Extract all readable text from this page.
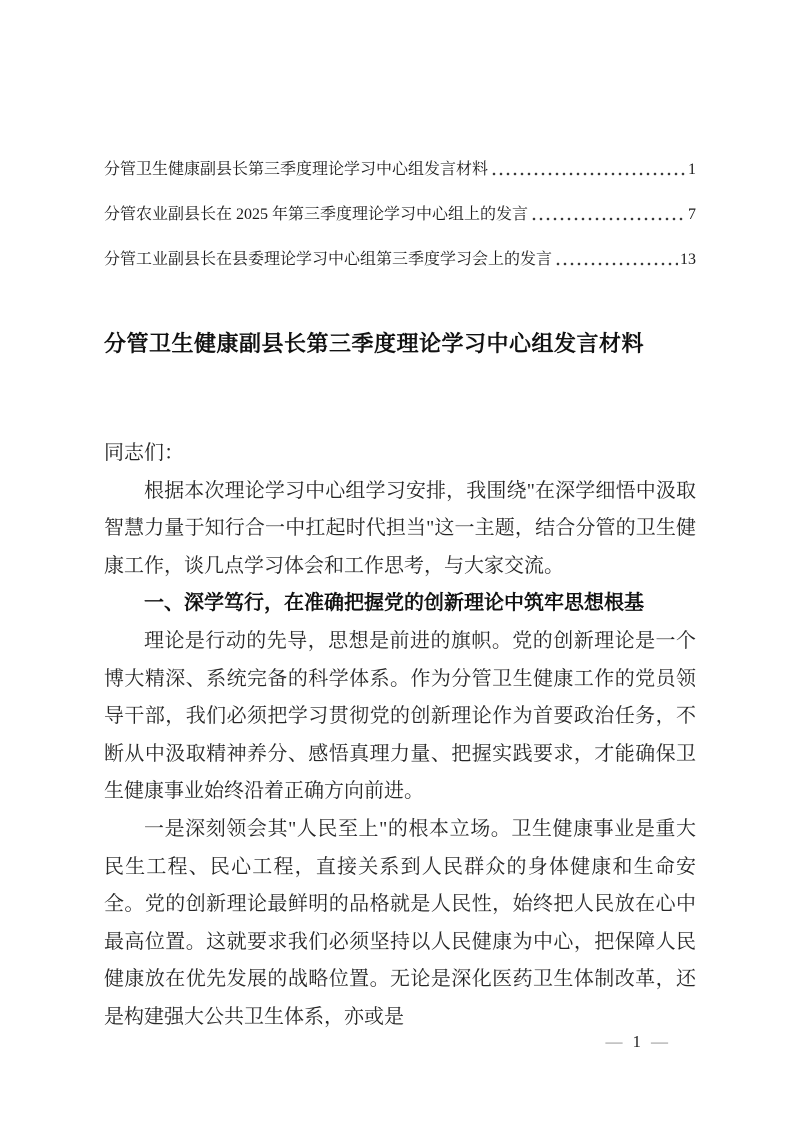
分管卫生健康副县长第三季度理论学习中心组发言材料	1
分管农业副县长在 2025 年第三季度理论学习中心组上的发言	7
分管工业副县长在县委理论学习中心组第三季度学习会上的发言	13
分管卫生健康副县长第三季度理论学习中心组发言材料

同志们：

根据本次理论学习中心组学习安排，我围绕"在深学细悟中汲取智慧力量于知行合一中扛起时代担当"这一主题，结合分管的卫生健康工作，谈几点学习体会和工作思考，与大家交流。

一、深学笃行，在准确把握党的创新理论中筑牢思想根基

理论是行动的先导，思想是前进的旗帜。党的创新理论是一个博大精深、系统完备的科学体系。作为分管卫生健康工作的党员领导干部，我们必须把学习贯彻党的创新理论作为首要政治任务，不断从中汲取精神养分、感悟真理力量、把握实践要求，才能确保卫生健康事业始终沿着正确方向前进。

一是深刻领会其"人民至上"的根本立场。卫生健康事业是重大民生工程、民心工程，直接关系到人民群众的身体健康和生命安全。党的创新理论最鲜明的品格就是人民性，始终把人民放在心中最高位置。这就要求我们必须坚持以人民健康为中心，把保障人民健康放在优先发展的战略位置。无论是深化医药卫生体制改革，还是构建强大公共卫生体系，亦或是

— 1 —
